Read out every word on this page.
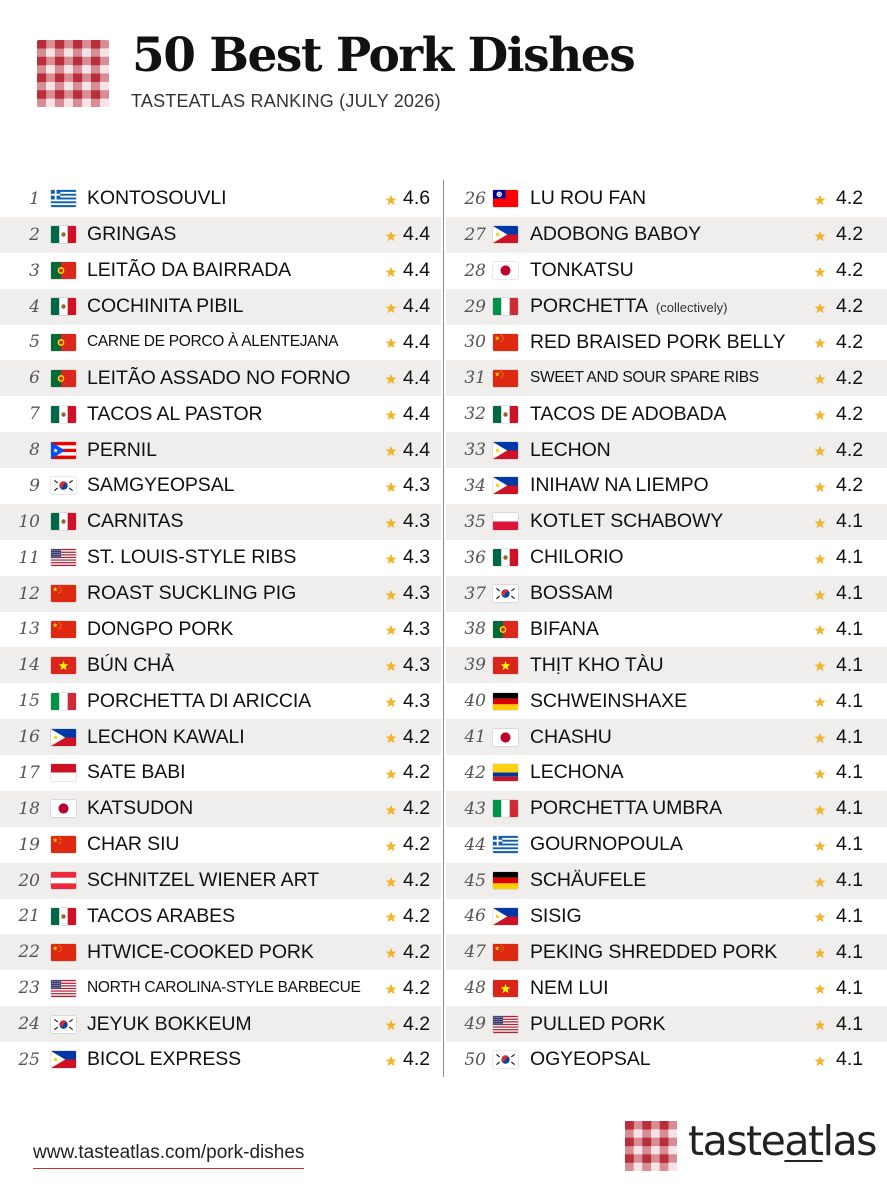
50 Best Pork Dishes
TASTEATLAS RANKING (JULY 2026)
1 KONTOSOUVLI	4.6
2 GRINGAS	4.4
3 LEITÃO DA BAIRRADA	4.4
4 COCHINITA PIBIL	4.4
5	CARNE DE PORCO À ALENTEJANA	4.4
6 LEITÃO ASSADO NO FORNO	4.4
7 TACOS AL PASTOR	4.4
8 PERNIL	4.4
9 SAMGYEOPSAL	4.3
10 CARNITAS	4.3
11 ST. LOUIS-STYLE RIBS	4.3
12 ROAST SUCKLING PIG	4.3
13 DONGPO PORK	4.3
14 BÚN CHẢ	4.3
15 PORCHETTA DI ARICCIA	4.3
16 LECHON KAWALI	4.2
17 SATE BABI	4.2
18 KATSUDON	4.2
19 CHAR SIU	4.2
20 SCHNITZEL WIENER ART	4.2
21 TACOS ARABES	4.2
22 HTWICE-COOKED PORK	4.2
23	NORTH CAROLINA-STYLE BARBECUE 4.2
24 JEYUK BOKKEUM	4.2
25 BICOL EXPRESS	4.2
26 LU ROU FAN	4.2
27 ADOBONG BABOY	4.2
28 TONKATSU	4.2
29 PORCHETTA (collectively)	4.2
30 RED BRAISED PORK BELLY	4.2
31	SWEET AND SOUR SPARE RIBS	4.2
32 TACOS DE ADOBADA	4.2
33 LECHON	4.2
34 INIHAW NA LIEMPO	4.2
35 KOTLET SCHABOWY	4.1
36 CHILORIO	4.1
37 BOSSAM	4.1
38 BIFANA	4.1
39 THỊT KHO TÀU	4.1
40 SCHWEINSHAXE	4.1
41 CHASHU	4.1
42 LECHONA	4.1
43 PORCHETTA UMBRA	4.1
44 GOURNOPOULA	4.1
45 SCHÄUFELE	4.1
46 SISIG	4.1
47 PEKING SHREDDED PORK	4.1
48 NEM LUI	4.1
49 PULLED PORK	4.1
50 OGYEOPSAL	4.1
www.tasteatlas.com/pork-dishes	tasteatlas
